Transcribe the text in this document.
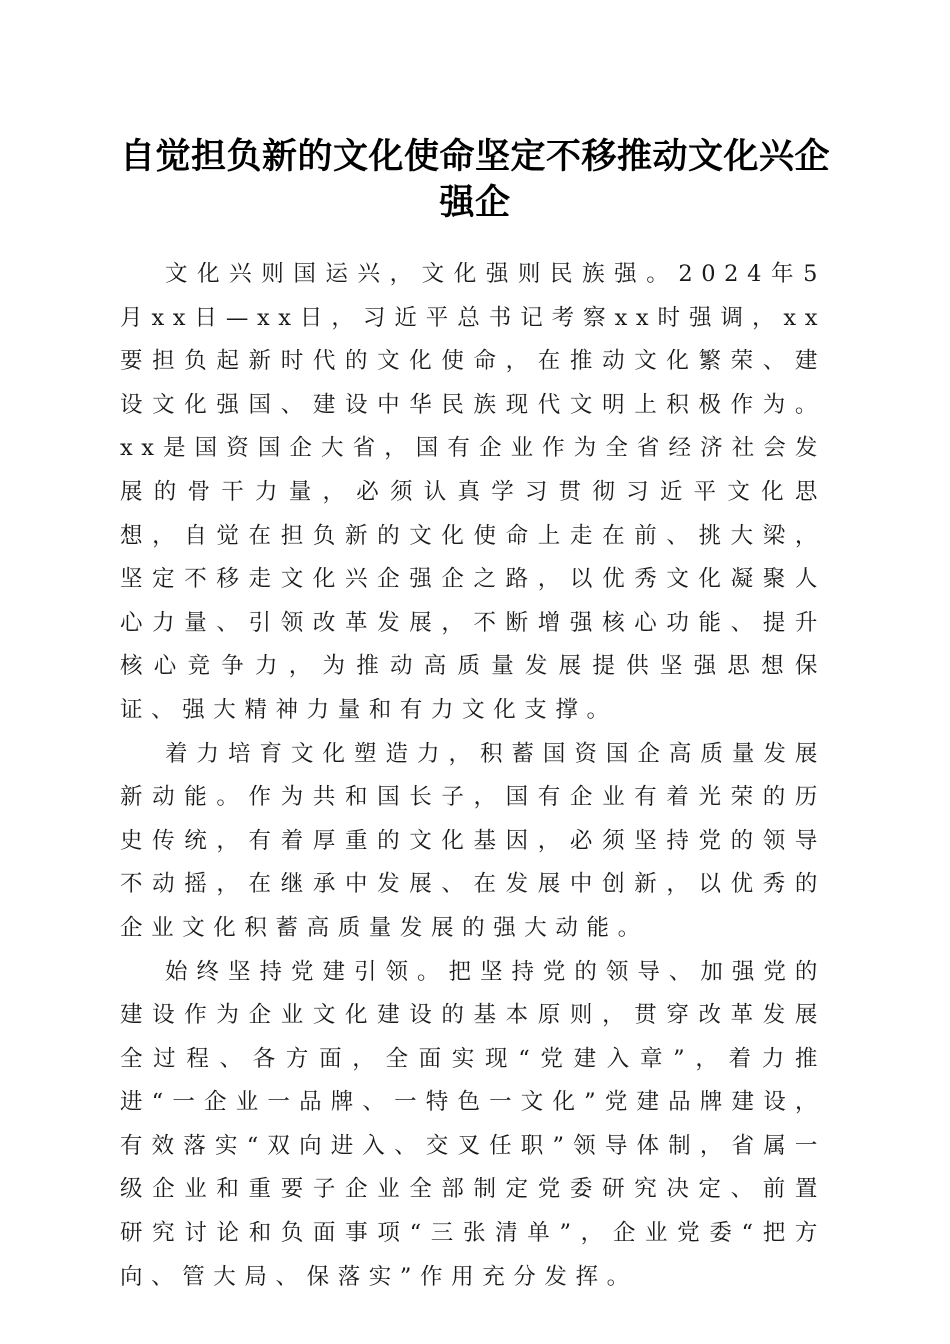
自觉担负新的文化使命坚定不移推动文化兴企强企

文化兴则国运兴，文化强则民族强。2024年5月xx日—xx日，习近平总书记考察xx时强调，xx要担负起新时代的文化使命，在推动文化繁荣、建设文化强国、建设中华民族现代文明上积极作为。xx是国资国企大省，国有企业作为全省经济社会发展的骨干力量，必须认真学习贯彻习近平文化思想，自觉在担负新的文化使命上走在前、挑大梁，坚定不移走文化兴企强企之路，以优秀文化凝聚人心力量、引领改革发展，不断增强核心功能、提升核心竞争力，为推动高质量发展提供坚强思想保证、强大精神力量和有力文化支撑。

着力培育文化塑造力，积蓄国资国企高质量发展新动能。作为共和国长子，国有企业有着光荣的历史传统，有着厚重的文化基因，必须坚持党的领导不动摇，在继承中发展、在发展中创新，以优秀的企业文化积蓄高质量发展的强大动能。

始终坚持党建引领。把坚持党的领导、加强党的建设作为企业文化建设的基本原则，贯穿改革发展全过程、各方面，全面实现“党建入章”，着力推进“一企业一品牌、一特色一文化”党建品牌建设，有效落实“双向进入、交叉任职”领导体制，省属一级企业和重要子企业全部制定党委研究决定、前置研究讨论和负面事项“三张清单”，企业党委“把方向、管大局、保落实”作用充分发挥。
